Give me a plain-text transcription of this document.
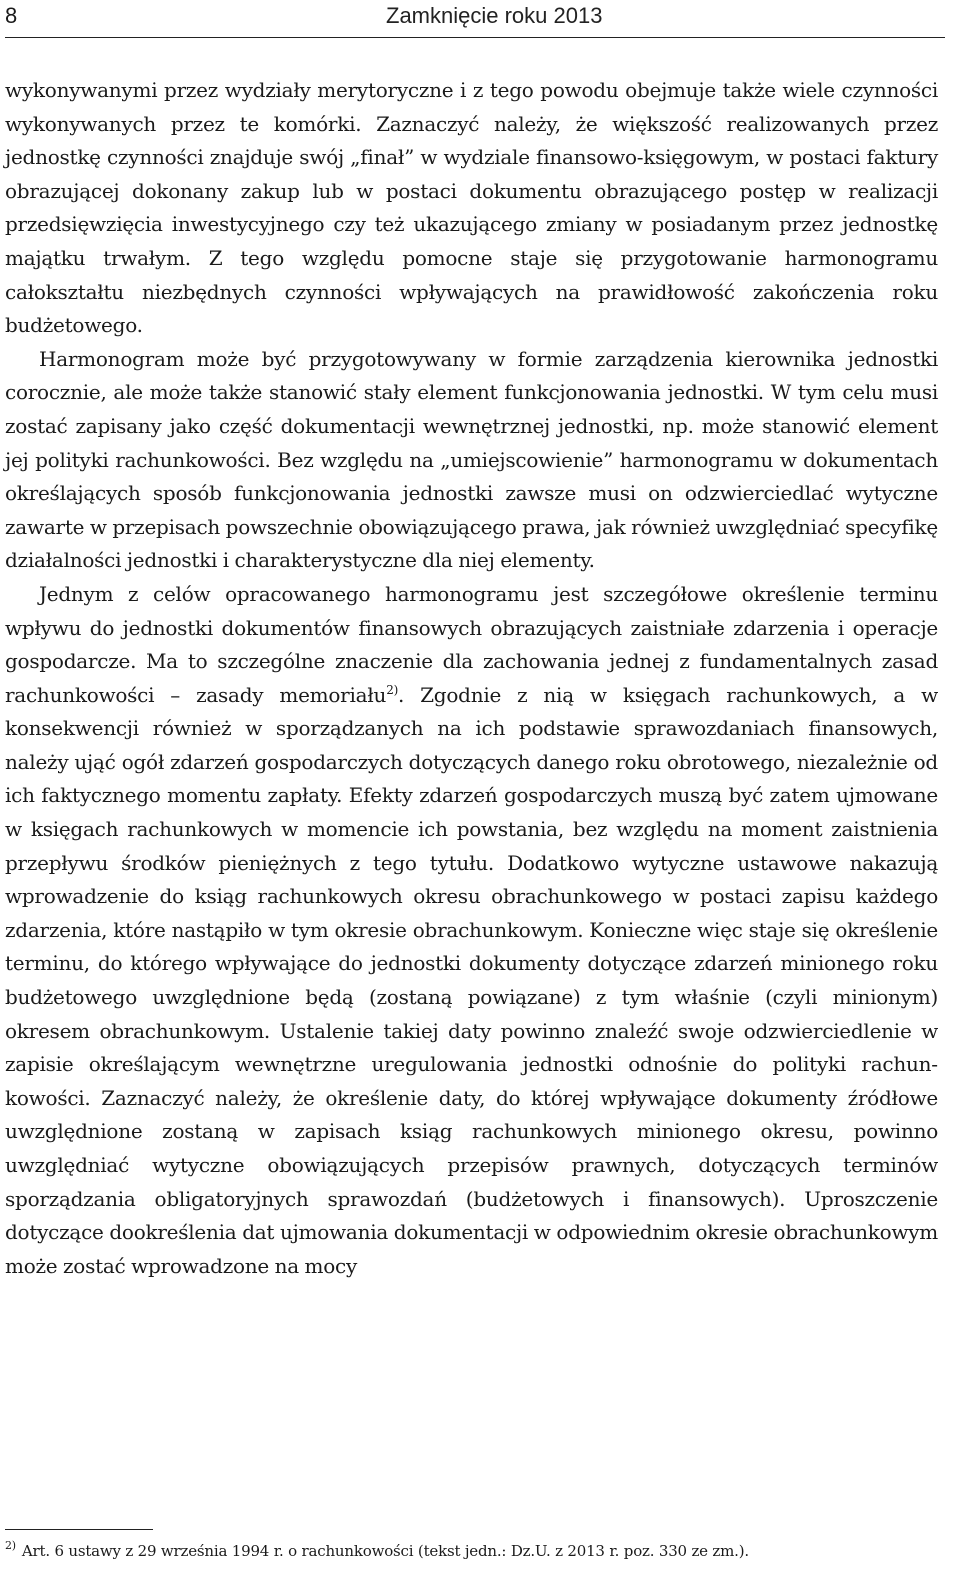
8	Zamknięcie roku 2013

wykonywanymi przez wydziały merytoryczne i z tego powodu obejmuje także wiele czynności wykonywanych przez te komórki. Zaznaczyć należy, że większość realizowanych przez jednostkę czynności znajduje swój „finał” w wydziale finansowo-księgowym, w postaci faktury obrazującej dokonany zakup lub w postaci dokumentu obrazującego postęp w realizacji przedsięwzięcia inwestycyjnego czy też ukazującego zmiany w posiadanym przez jednostkę majątku trwałym. Z tego względu pomocne staje się przygotowanie harmonogramu całokształtu niezbędnych czynności wpływających na prawidłowość zakończenia roku budżetowego.

Harmonogram może być przygotowywany w formie zarządzenia kierownika jednostki corocznie, ale może także stanowić stały element funkcjonowania jednostki. W tym celu musi zostać zapisany jako część dokumentacji wewnętrznej jednostki, np. może stanowić element jej polityki rachunkowości. Bez względu na „umiejscowienie” harmonogramu w dokumentach określających sposób funkcjonowania jednostki zawsze musi on odzwierciedlać wytyczne zawarte w przepisach powszechnie obowiązującego prawa, jak również uwzględniać specyfikę działalności jednostki i charakterystyczne dla niej elementy.

Jednym z celów opracowanego harmonogramu jest szczegółowe określenie terminu wpływu do jednostki dokumentów finansowych obrazujących zaistniałe zdarzenia i operacje gospodarcze. Ma to szczególne znaczenie dla zachowania jednej z fundamentalnych zasad rachunkowości – zasady memoriału$^{2)}$. Zgodnie z nią w księgach rachunkowych, a w konsekwencji również w sporządzanych na ich podstawie sprawozdaniach finansowych, należy ująć ogół zdarzeń gospodarczych dotyczących danego roku obrotowego, niezależnie od ich faktycznego momentu zapłaty. Efekty zdarzeń gospodarczych muszą być zatem ujmowane w księgach rachunkowych w momencie ich powstania, bez względu na moment zaistnienia przepływu środków pieniężnych z tego tytułu. Dodatkowo wytyczne ustawowe nakazują wprowadzenie do ksiąg rachunkowych okresu obrachunkowego w postaci zapisu każdego zdarzenia, które nastąpiło w tym okresie obrachunkowym. Konieczne więc staje się określenie terminu, do którego wpływające do jednostki dokumenty dotyczące zdarzeń minionego roku budżetowego uwzględnione będą (zostaną powiązane) z tym właśnie (czyli minionym) okresem obrachunkowym. Ustalenie takiej daty powinno znaleźć swoje odzwierciedlenie w zapisie określającym wewnętrzne uregulowania jednostki odnośnie do polityki rachunkowości. Zaznaczyć należy, że określenie daty, do której wpływające dokumenty źródłowe uwzględnione zostaną w zapisach ksiąg rachunkowych minionego okresu, powinno uwzględniać wytyczne obowiązujących przepisów prawnych, dotyczących terminów sporządzania obligatoryjnych sprawozdań (budżetowych i finansowych). Uproszczenie dotyczące dookreślenia dat ujmowania dokumentacji w odpowiednim okresie obrachunkowym może zostać wprowadzone na mocy

$^{2)}$ Art. 6 ustawy z 29 września 1994 r. o rachunkowości (tekst jedn.: Dz.U. z 2013 r. poz. 330 ze zm.).
